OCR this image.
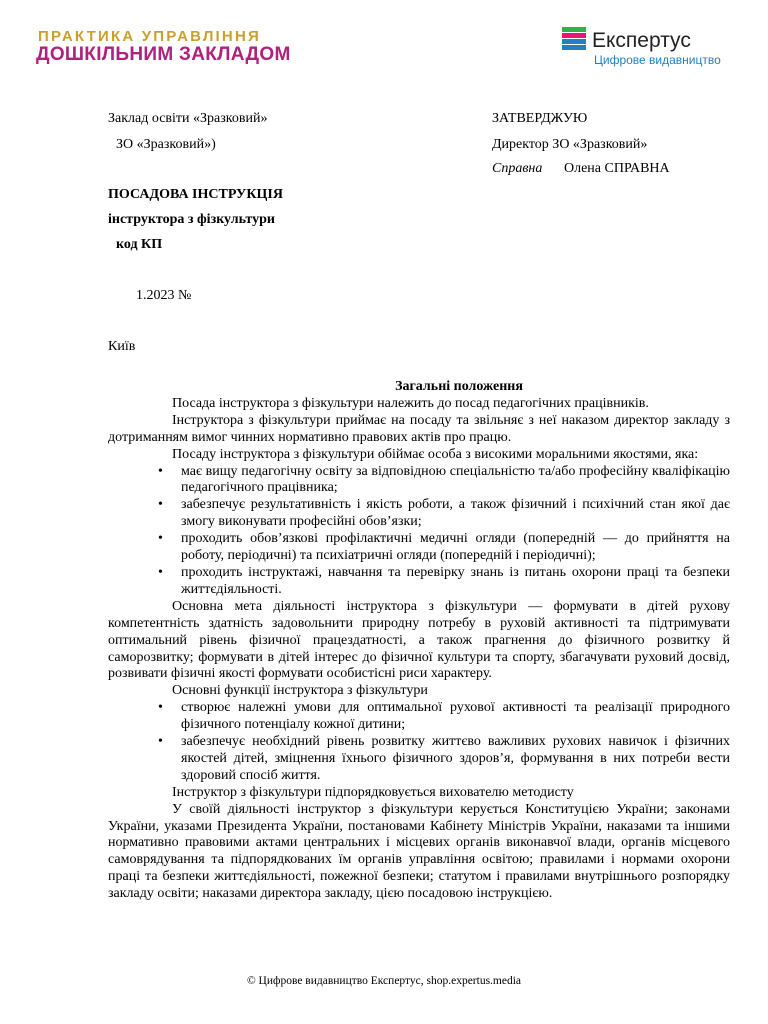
ПРАКТИКА УПРАВЛІННЯ
ДОШКІЛЬНИМ ЗАКЛАДОМ
Експертус
Цифрове видавництво
Заклад освіти «Зразковий»
ЗО «Зразковий»)
ПОСАДОВА ІНСТРУКЦІЯ
інструктора з фізкультури
код КП
1.2023 №
Київ
ЗАТВЕРДЖУЮ
Директор ЗО «Зразковий»
Справна Олена СПРАВНА

Загальні положення

Посада інструктора з фізкультури належить до посад педагогічних працівників.

Інструктора з фізкультури приймає на посаду та звільняє з неї наказом директор закладу з дотриманням вимог чинних нормативно правових актів про працю.

Посаду інструктора з фізкультури обіймає особа з високими моральними якостями, яка:

• має вищу педагогічну освіту за відповідною спеціальністю та/або професійну кваліфікацію педагогічного працівника;
• забезпечує результативність і якість роботи, а також фізичний і психічний стан якої дає змогу виконувати професійні обов’язки;
• проходить обов’язкові профілактичні медичні огляди (попередній — до прийняття на роботу, періодичні) та психіатричні огляди (попередній і періодичні);
• проходить інструктажі, навчання та перевірку знань із питань охорони праці та безпеки життєдіяльності.

Основна мета діяльності інструктора з фізкультури — формувати в дітей рухову компетентність здатність задовольнити природну потребу в руховій активності та підтримувати оптимальний рівень фізичної працездатності, а також прагнення до фізичного розвитку й саморозвитку; формувати в дітей інтерес до фізичної культури та спорту, збагачувати руховий досвід, розвивати фізичні якості формувати особистісні риси характеру.

Основні функції інструктора з фізкультури

• створює належні умови для оптимальної рухової активності та реалізації природного фізичного потенціалу кожної дитини;
• забезпечує необхідний рівень розвитку життєво важливих рухових навичок і фізичних якостей дітей, зміцнення їхнього фізичного здоров’я, формування в них потреби вести здоровий спосіб життя.

Інструктор з фізкультури підпорядковується вихователю методисту

У своїй діяльності інструктор з фізкультури керується Конституцією України; законами України, указами Президента України, постановами Кабінету Міністрів України, наказами та іншими нормативно правовими актами центральних і місцевих органів виконавчої влади, органів місцевого самоврядування та підпорядкованих їм органів управління освітою; правилами і нормами охорони праці та безпеки життєдіяльності, пожежної безпеки; статутом і правилами внутрішнього розпорядку закладу освіти; наказами директора закладу, цією посадовою інструкцією.

© Цифрове видавництво Експертус, shop.expertus.media
